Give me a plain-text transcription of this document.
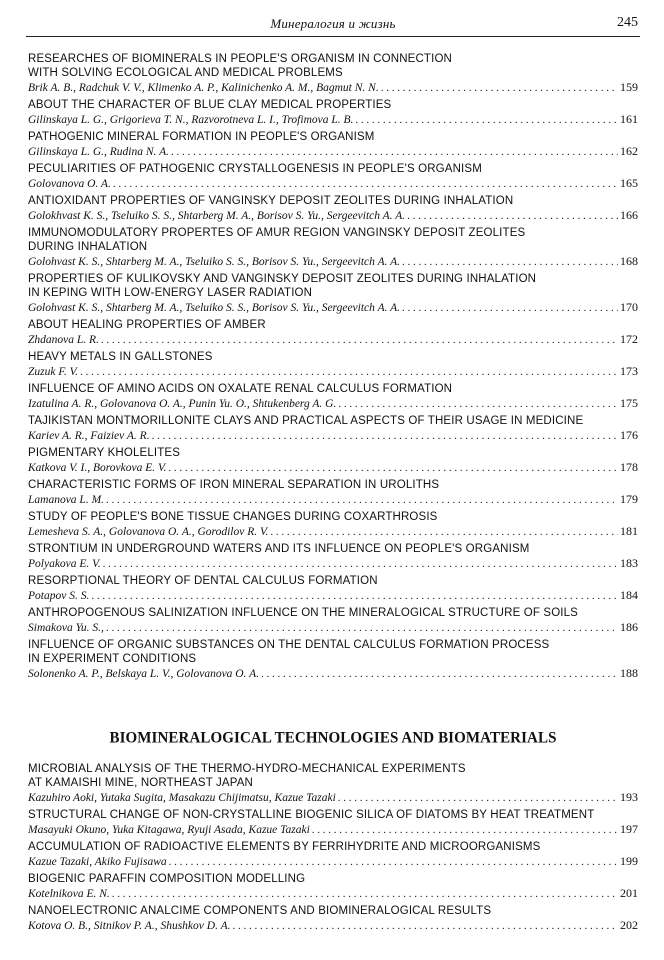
Минералогия и жизнь	245
RESEARCHES OF BIOMINERALS IN PEOPLE'S ORGANISM IN CONNECTION
WITH SOLVING ECOLOGICAL AND MEDICAL PROBLEMS
Brik A. B., Radchuk V. V., Klimenko A. P., Kalinichenko A. M., Bagmut N. N. . . .	159
ABOUT THE CHARACTER OF BLUE CLAY MEDICAL PROPERTIES
Gilinskaya L. G., Grigorieva T. N., Razvorotneva L. I., Trofimova L. B. . . .	161
PATHOGENIC MINERAL FORMATION IN PEOPLE'S ORGANISM
Gilinskaya L. G., Rudina N. A. . . .	162
PECULIARITIES OF PATHOGENIC CRYSTALLOGENESIS IN PEOPLE'S ORGANISM
Golovanova O. A. . . .	165
ANTIOXIDANT PROPERTIES OF VANGINSKY DEPOSIT ZEOLITES DURING INHALATION
Golokhvast K. S., Tseluiko S. S., Shtarberg M. A., Borisov S. Yu., Sergeevitch A. A. . . .	166
IMMUNOMODULATORY PROPERTES OF AMUR REGION VANGINSKY DEPOSIT ZEOLITES
DURING INHALATION
Golohvast K. S., Shtarberg M. A., Tseluiko S. S., Borisov S. Yu., Sergeevitch A. A. . . .	168
PROPERTIES OF KULIKOVSKY AND VANGINSKY DEPOSIT ZEOLITES DURING INHALATION
IN KEPING WITH LOW-ENERGY LASER RADIATION
Golohvast K. S., Shtarberg M. A., Tseluiko S. S., Borisov S. Yu., Sergeevitch A. A. . . .	170
ABOUT HEALING PROPERTIES OF AMBER
Zhdanova L. R. . . .	172
HEAVY METALS IN GALLSTONES
Zuzuk F. V. . . .	173
INFLUENCE OF AMINO ACIDS ON OXALATE RENAL CALCULUS FORMATION
Izatulina A. R., Golovanova O. A., Punin Yu. O., Shtukenberg A. G. . . .	175
TAJIKISTAN MONTMORILLONITE CLAYS AND PRACTICAL ASPECTS OF THEIR USAGE IN MEDICINE
Kariev A. R., Faiziev A. R. . . .	176
PIGMENTARY KHOLELITES
Katkova V. I., Borovkova E. V. . . .	178
CHARACTERISTIC FORMS OF IRON MINERAL SEPARATION IN UROLITHS
Lamanova L. M. . . .	179
STUDY OF PEOPLE'S BONE TISSUE CHANGES DURING COXARTHROSIS
Lemesheva S. A., Golovanova O. A., Gorodilov R. V. . . .	181
STRONTIUM IN UNDERGROUND WATERS AND ITS INFLUENCE ON PEOPLE'S ORGANISM
Polyakova E. V. . . .	183
RESORPTIONAL THEORY OF DENTAL CALCULUS FORMATION
Potapov S. S. . . .	184
ANTHROPOGENOUS SALINIZATION INFLUENCE ON THE MINERALOGICAL STRUCTURE OF SOILS
Simakova Yu. S., . . .	186
INFLUENCE OF ORGANIC SUBSTANCES ON THE DENTAL CALCULUS FORMATION PROCESS
IN EXPERIMENT CONDITIONS
Solonenko A. P., Belskaya L. V., Golovanova O. A. . . .	188
BIOMINERALOGICAL TECHNOLOGIES AND BIOMATERIALS
MICROBIAL ANALYSIS OF THE THERMO-HYDRO-MECHANICAL EXPERIMENTS
AT KAMAISHI MINE, NORTHEAST JAPAN
Kazuhiro Aoki, Yutaka Sugita, Masakazu Chijimatsu, Kazue Tazaki . . .	193
STRUCTURAL CHANGE OF NON-CRYSTALLINE BIOGENIC SILICA OF DIATOMS BY HEAT TREATMENT
Masayuki Okuno, Yuka Kitagawa, Ryuji Asada, Kazue Tazaki . . .	197
ACCUMULATION OF RADIOACTIVE ELEMENTS BY FERRIHYDRITE AND MICROORGANISMS
Kazue Tazaki, Akiko Fujisawa . . .	199
BIOGENIC PARAFFIN COMPOSITION MODELLING
Kotelnikova E. N. . . .	201
NANOELECTRONIC ANALCIME COMPONENTS AND BIOMINERALOGICAL RESULTS
Kotova O. B., Sitnikov P. A., Shushkov D. A. . . .	202
